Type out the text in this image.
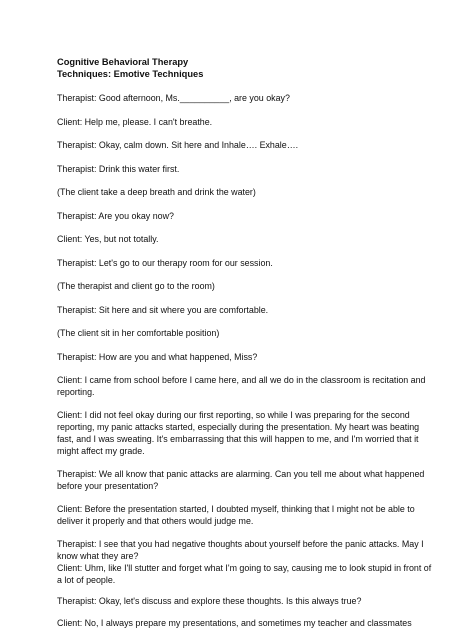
Cognitive Behavioral Therapy
Techniques: Emotive Techniques
Therapist: Good afternoon, Ms.__________, are you okay?
Client: Help me, please. I can't breathe.
Therapist: Okay, calm down. Sit here and Inhale…. Exhale….
Therapist: Drink this water first.
(The client take a deep breath and drink the water)
Therapist: Are you okay now?
Client: Yes, but not totally.
Therapist: Let's go to our therapy room for our session.
(The therapist and client go to the room)
Therapist: Sit here and sit where you are comfortable.
(The client sit in her comfortable position)
Therapist: How are you and what happened, Miss?
Client: I came from school before I came here, and all we do in the classroom is recitation and
reporting.
Client: I did not feel okay during our first reporting, so while I was preparing for the second
reporting, my panic attacks started, especially during the presentation. My heart was beating
fast, and I was sweating. It's embarrassing that this will happen to me, and I'm worried that it
might affect my grade.
Therapist: We all know that panic attacks are alarming. Can you tell me about what happened
before your presentation?
Client: Before the presentation started, I doubted myself, thinking that I might not be able to
deliver it properly and that others would judge me.
Therapist: I see that you had negative thoughts about yourself before the panic attacks. May I
know what they are?
Client: Uhm, like I'll stutter and forget what I'm going to say, causing me to look stupid in front of
a lot of people.
Therapist: Okay, let's discuss and explore these thoughts. Is this always true?
Client: No, I always prepare my presentations, and sometimes my teacher and classmates
